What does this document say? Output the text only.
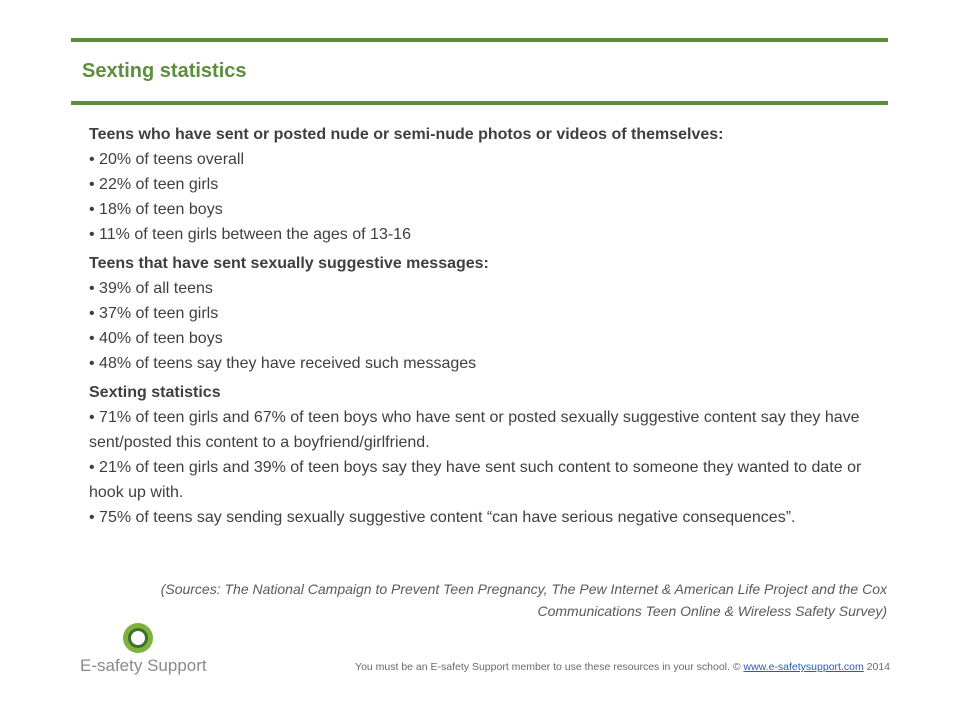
Sexting statistics
Teens who have sent or posted nude or semi-nude photos or videos of themselves:

• 20% of teens overall

• 22% of teen girls

• 18% of teen boys

• 11% of teen girls between the ages of 13-16

Teens that have sent sexually suggestive messages:

• 39% of all teens

• 37% of teen girls

• 40% of teen boys

• 48% of teens say they have received such messages

Sexting statistics

• 71% of teen girls and 67% of teen boys who have sent or posted sexually suggestive content say they have sent/posted this content to a boyfriend/girlfriend.

• 21% of teen girls and 39% of teen boys say they have sent such content to someone they wanted to date or hook up with.

• 75% of teens say sending sexually suggestive content “can have serious negative consequences”.

(Sources: The National Campaign to Prevent Teen Pregnancy, The Pew Internet & American Life Project and the Cox Communications Teen Online & Wireless Safety Survey)
E-safety Support	You must be an E-safety Support member to use these resources in your school. © www.e-safetysupport.com 2014
